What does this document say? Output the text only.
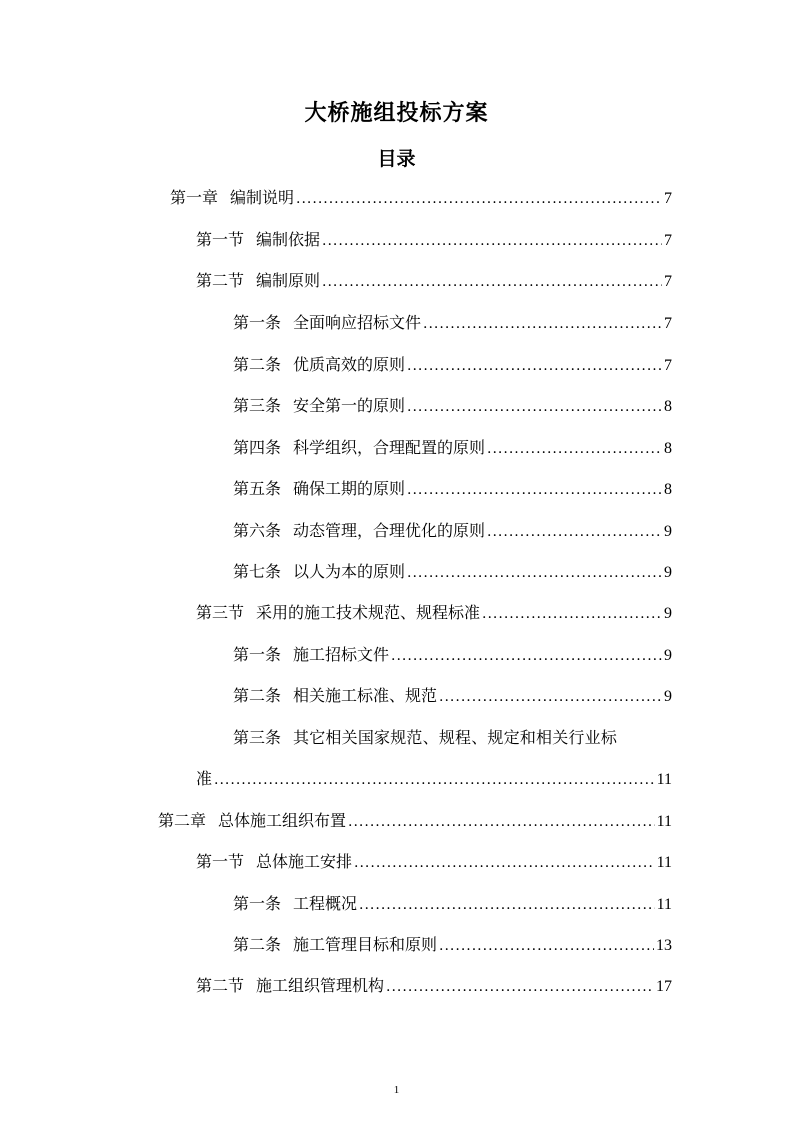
大桥施组投标方案
目录
第一章 编制说明 .....	7
第一节 编制依据 .....	7
第二节 编制原则 .....	7
第一条 全面响应招标文件 .....	7
第二条 优质高效的原则 .....	7
第三条 安全第一的原则 .....	8
第四条 科学组织，合理配置的原则 .....	8
第五条 确保工期的原则 .....	8
第六条 动态管理，合理优化的原则 .....	9
第七条 以人为本的原则 .....	9
第三节 采用的施工技术规范、规程标准 .....	9
第一条 施工招标文件 .....	9
第二条 相关施工标准、规范 .....	9
第三条 其它相关国家规范、规程、规定和相关行业标
准 .....	11
第二章 总体施工组织布置 .....	11
第一节 总体施工安排 .....	11
第一条 工程概况 .....	11
第二条 施工管理目标和原则 .....	13
第二节 施工组织管理机构 .....	17
1
